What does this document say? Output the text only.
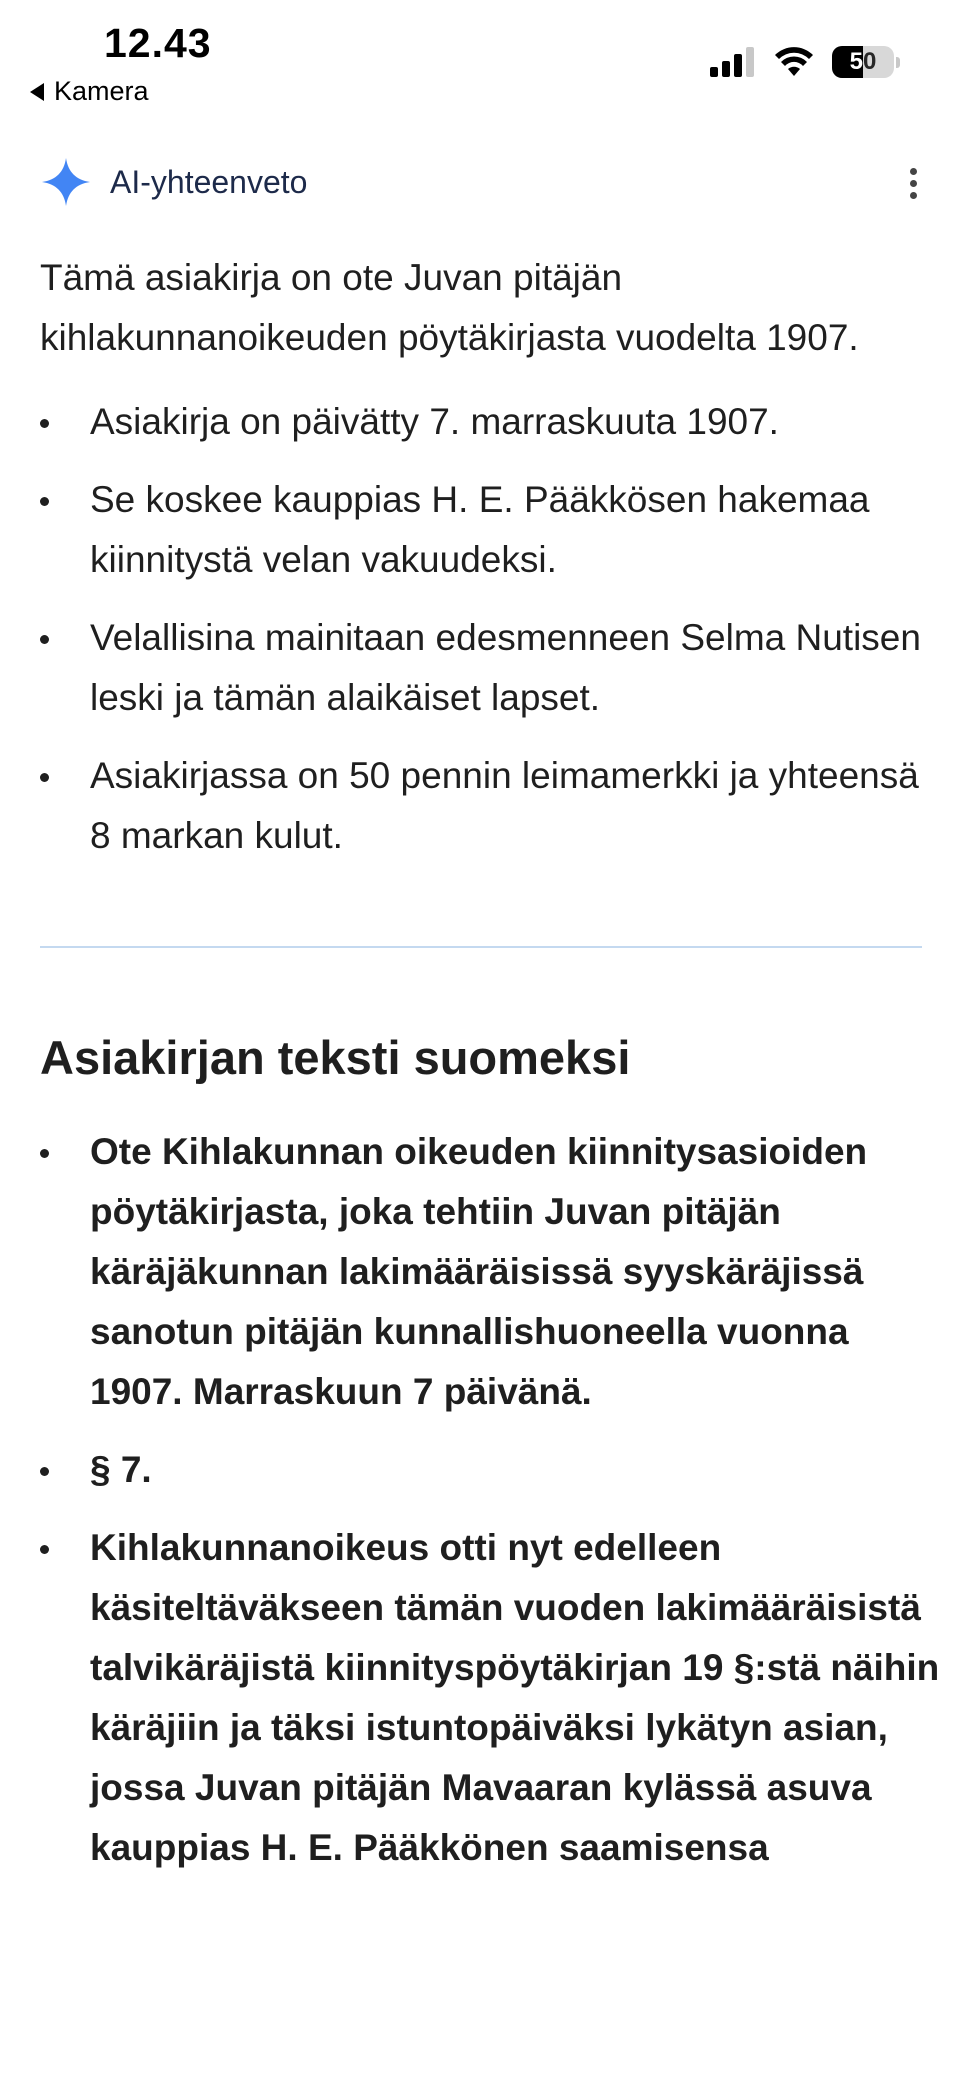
12.43
Kamera
50
AI-yhteenveto
Tämä asiakirja on ote Juvan pitäjän kihlakunnanoikeuden pöytäkirjasta vuodelta 1907.
Asiakirja on päivätty 7. marraskuuta 1907.
Se koskee kauppias H. E. Pääkkösen hakemaa kiinnitystä velan vakuudeksi.
Velallisina mainitaan edesmenneen Selma Nutisen leski ja tämän alaikäiset lapset.
Asiakirjassa on 50 pennin leimamerkki ja yhteensä 8 markan kulut.
Asiakirjan teksti suomeksi
Ote Kihlakunnan oikeuden kiinnitysasioiden pöytäkirjasta, joka tehtiin Juvan pitäjän käräjäkunnan lakimääräisissä syyskäräjissä sanotun pitäjän kunnallishuoneella vuonna 1907. Marraskuun 7 päivänä.
§ 7.
Kihlakunnanoikeus otti nyt edelleen käsiteltäväkseen tämän vuoden lakimääräisistä talvikäräjistä kiinnityspöytäkirjan 19 §:stä näihin käräjiin ja täksi istuntopäiväksi lykätyn asian, jossa Juvan pitäjän Mavaaran kylässä asuva kauppias H. E. Pääkkönen saamisensa
